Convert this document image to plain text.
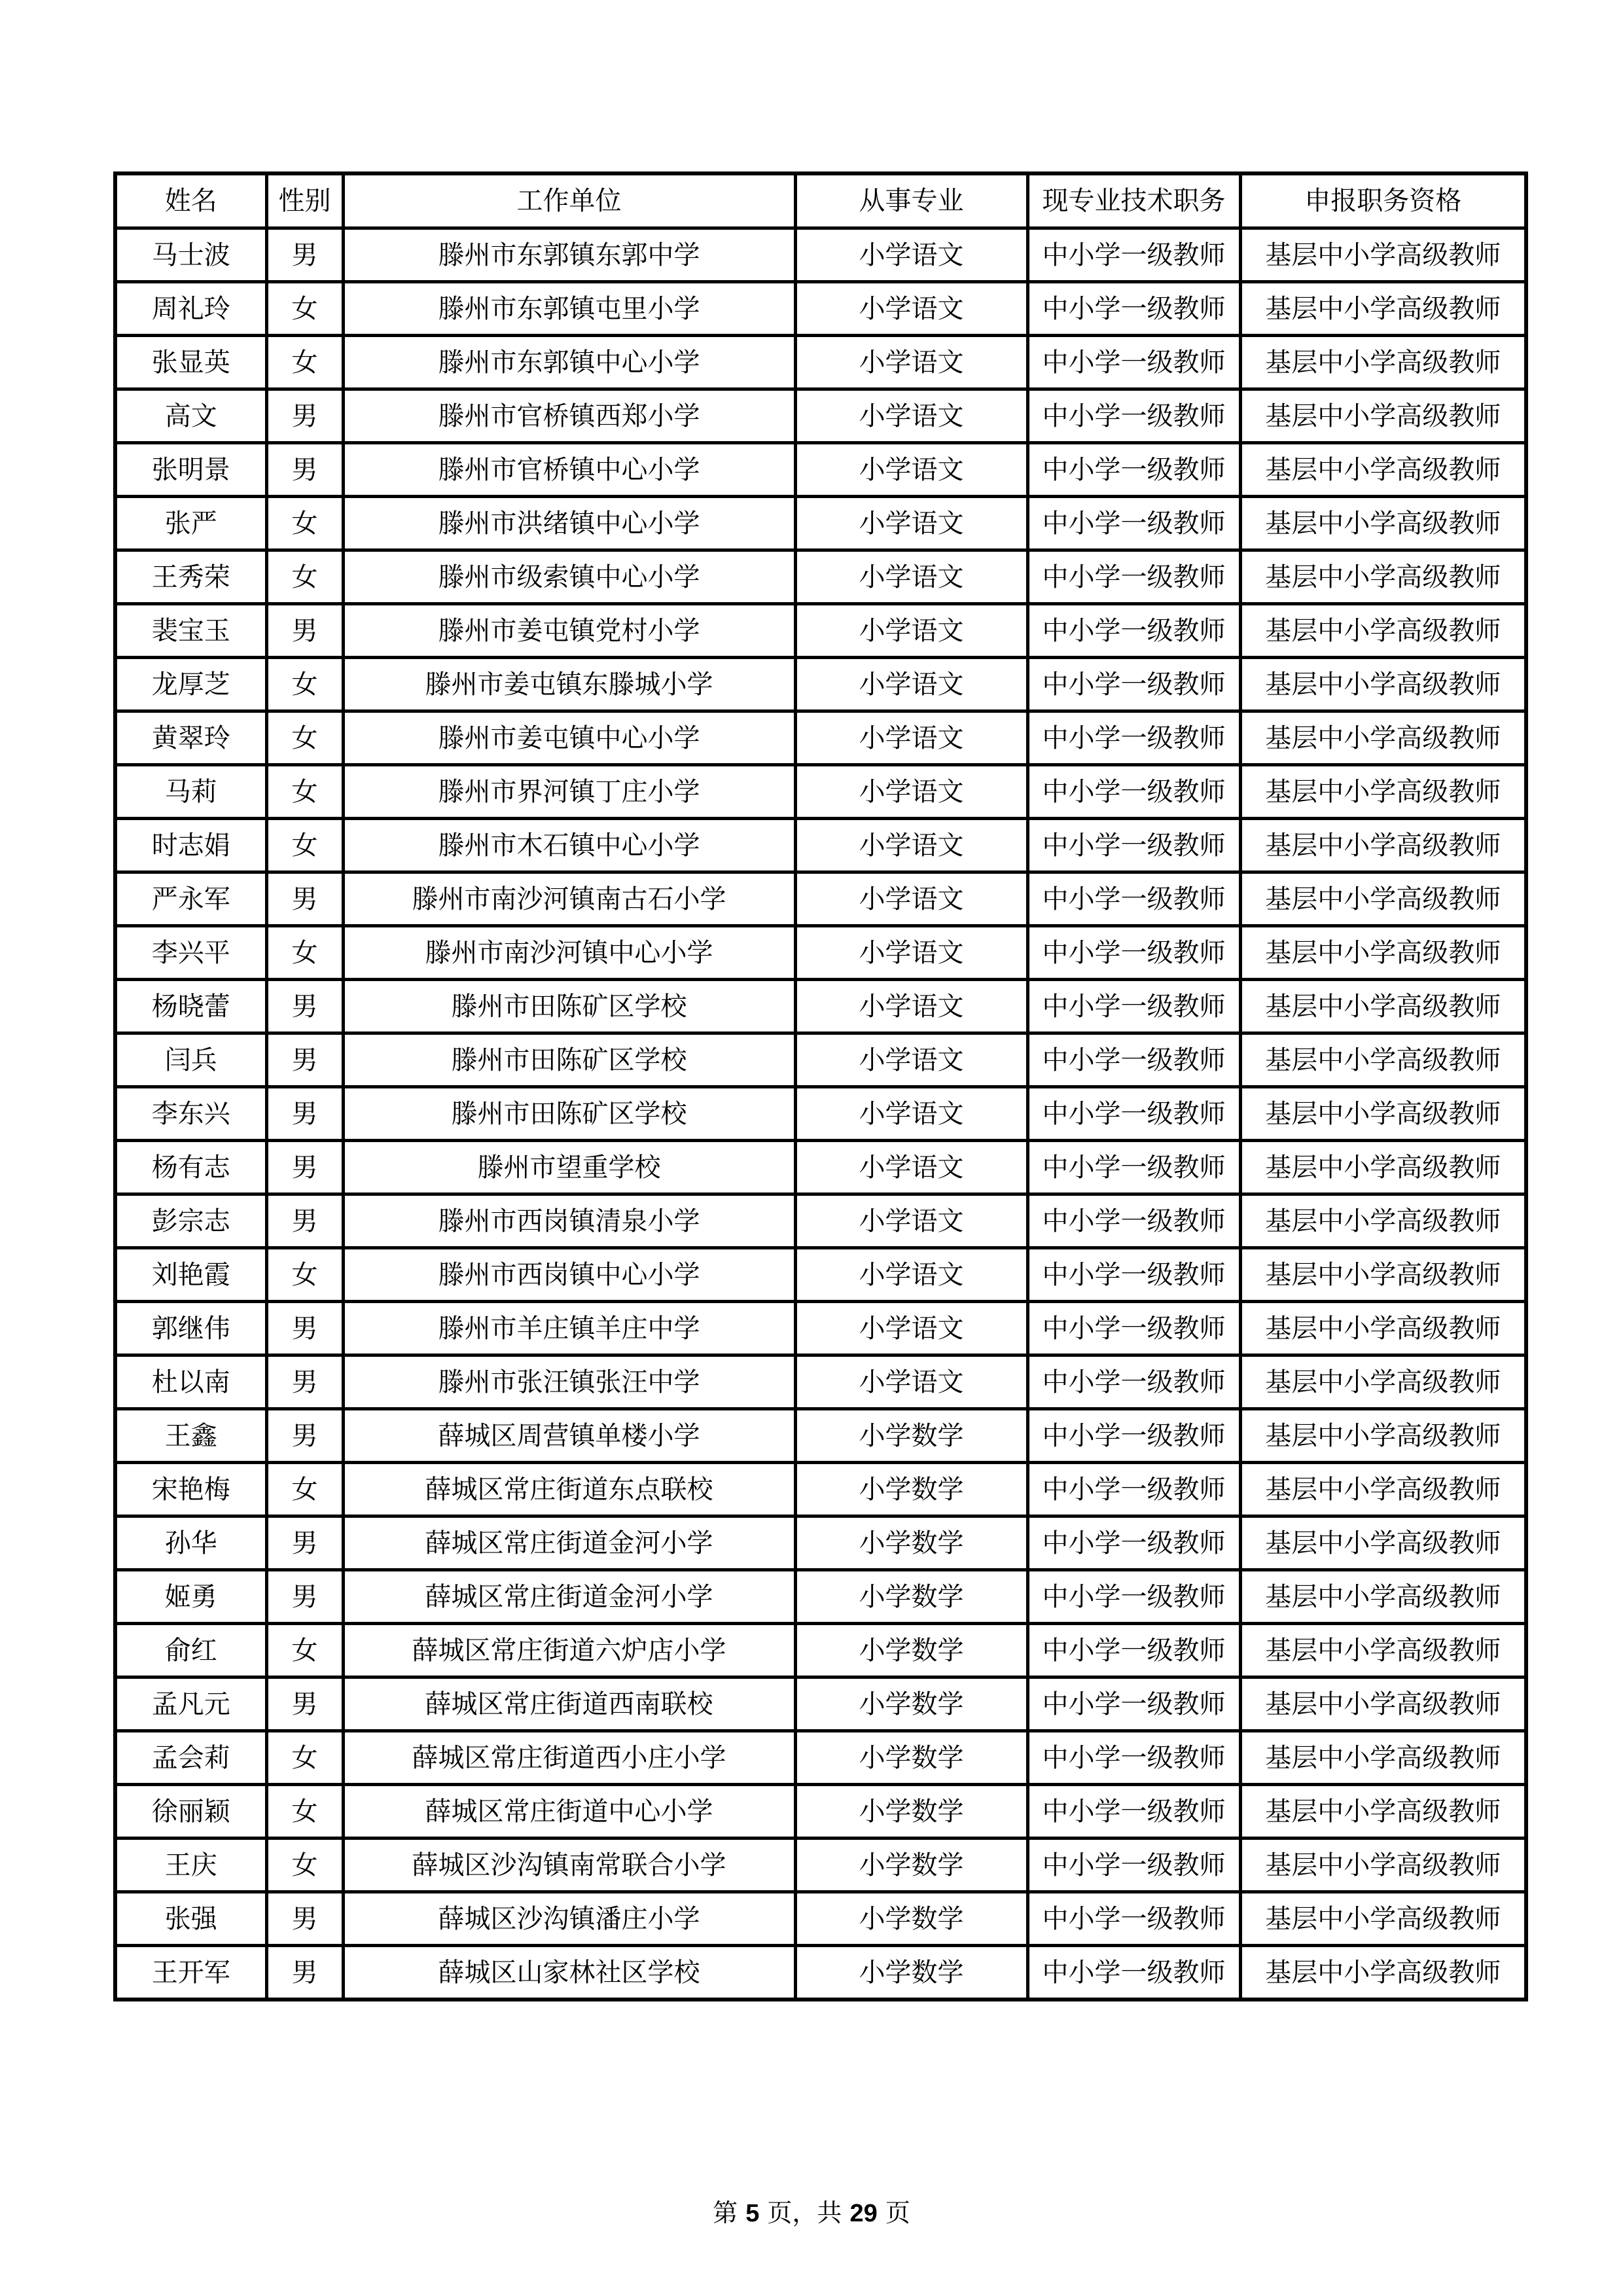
姓名	性别	工作单位	从事专业	现专业技术职务	申报职务资格
马士波	男	滕州市东郭镇东郭中学	小学语文	中小学一级教师	基层中小学高级教师
周礼玲	女	滕州市东郭镇屯里小学	小学语文	中小学一级教师	基层中小学高级教师
张显英	女	滕州市东郭镇中心小学	小学语文	中小学一级教师	基层中小学高级教师
高文	男	滕州市官桥镇西郑小学	小学语文	中小学一级教师	基层中小学高级教师
张明景	男	滕州市官桥镇中心小学	小学语文	中小学一级教师	基层中小学高级教师
张严	女	滕州市洪绪镇中心小学	小学语文	中小学一级教师	基层中小学高级教师
王秀荣	女	滕州市级索镇中心小学	小学语文	中小学一级教师	基层中小学高级教师
裴宝玉	男	滕州市姜屯镇党村小学	小学语文	中小学一级教师	基层中小学高级教师
龙厚芝	女	滕州市姜屯镇东滕城小学	小学语文	中小学一级教师	基层中小学高级教师
黄翠玲	女	滕州市姜屯镇中心小学	小学语文	中小学一级教师	基层中小学高级教师
马莉	女	滕州市界河镇丁庄小学	小学语文	中小学一级教师	基层中小学高级教师
时志娟	女	滕州市木石镇中心小学	小学语文	中小学一级教师	基层中小学高级教师
严永军	男	滕州市南沙河镇南古石小学	小学语文	中小学一级教师	基层中小学高级教师
李兴平	女	滕州市南沙河镇中心小学	小学语文	中小学一级教师	基层中小学高级教师
杨晓蕾	男	滕州市田陈矿区学校	小学语文	中小学一级教师	基层中小学高级教师
闫兵	男	滕州市田陈矿区学校	小学语文	中小学一级教师	基层中小学高级教师
李东兴	男	滕州市田陈矿区学校	小学语文	中小学一级教师	基层中小学高级教师
杨有志	男	滕州市望重学校	小学语文	中小学一级教师	基层中小学高级教师
彭宗志	男	滕州市西岗镇清泉小学	小学语文	中小学一级教师	基层中小学高级教师
刘艳霞	女	滕州市西岗镇中心小学	小学语文	中小学一级教师	基层中小学高级教师
郭继伟	男	滕州市羊庄镇羊庄中学	小学语文	中小学一级教师	基层中小学高级教师
杜以南	男	滕州市张汪镇张汪中学	小学语文	中小学一级教师	基层中小学高级教师
王鑫	男	薛城区周营镇单楼小学	小学数学	中小学一级教师	基层中小学高级教师
宋艳梅	女	薛城区常庄街道东点联校	小学数学	中小学一级教师	基层中小学高级教师
孙华	男	薛城区常庄街道金河小学	小学数学	中小学一级教师	基层中小学高级教师
姬勇	男	薛城区常庄街道金河小学	小学数学	中小学一级教师	基层中小学高级教师
俞红	女	薛城区常庄街道六炉店小学	小学数学	中小学一级教师	基层中小学高级教师
孟凡元	男	薛城区常庄街道西南联校	小学数学	中小学一级教师	基层中小学高级教师
孟会莉	女	薛城区常庄街道西小庄小学	小学数学	中小学一级教师	基层中小学高级教师
徐丽颖	女	薛城区常庄街道中心小学	小学数学	中小学一级教师	基层中小学高级教师
王庆	女	薛城区沙沟镇南常联合小学	小学数学	中小学一级教师	基层中小学高级教师
张强	男	薛城区沙沟镇潘庄小学	小学数学	中小学一级教师	基层中小学高级教师
王开军	男	薛城区山家林社区学校	小学数学	中小学一级教师	基层中小学高级教师
第 5 页，共 29 页
